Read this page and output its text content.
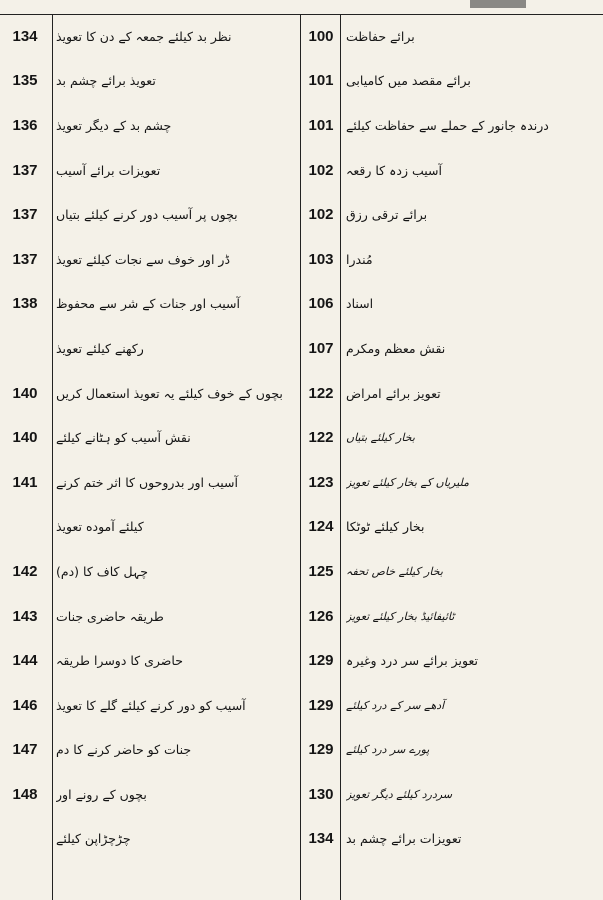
134	نظر بد کیلئے جمعہ کے دن کا تعویذ
135	تعویذ برائے چشم بد
136	چشم بد کے دیگر تعویذ
137	تعویزات برائے آسیب
137	بچوں پر آسیب دور کرنے کیلئے بتیاں
137	ڈر اور خوف سے نجات کیلئے تعویذ
138	آسیب اور جنات کے شر سے محفوظ
رکھنے کیلئے تعویذ
140	بچوں کے خوف کیلئے یہ تعویذ استعمال کریں
140	نقش آسیب کو ہٹانے کیلئے
141	آسیب اور بدروحوں کا اثر ختم کرنے
کیلئے آموده تعویذ
142	چہل کاف کا (دم)
143	طریقہ حاضری جنات
144	حاضری کا دوسرا طریقہ
146	آسیب کو دور کرنے کیلئے گلے کا تعویذ
147	جنات کو حاضر کرنے کا دم
148	بچوں کے رونے اور
چڑچڑاپن کیلئے
100 برائے حفاظت
101 برائے مقصد میں کامیابی
101 درندہ جانور کے حملے سے حفاظت کیلئے
102 آسیب زدہ کا رقعہ
102 برائے ترقی رزق
103 مُندرا
106 اسناد
107 نقش معظم ومکرم
122 تعویز برائے امراض
122	بخار کیلئے بتیاں
123	ملیریاں کے بخار کیلئے تعویز
124 بخار کیلئے ٹوٹکا
125	بخار کیلئے خاص تحفہ
126	ٹائیفائیڈ بخار کیلئے تعویز
129 تعویز برائے سر درد وغیرہ
129	آدھے سر کے درد کیلئے
129	پورے سر درد کیلئے
130	سردرد کیلئے دیگر تعویز
134 تعویزات برائے چشم بد
